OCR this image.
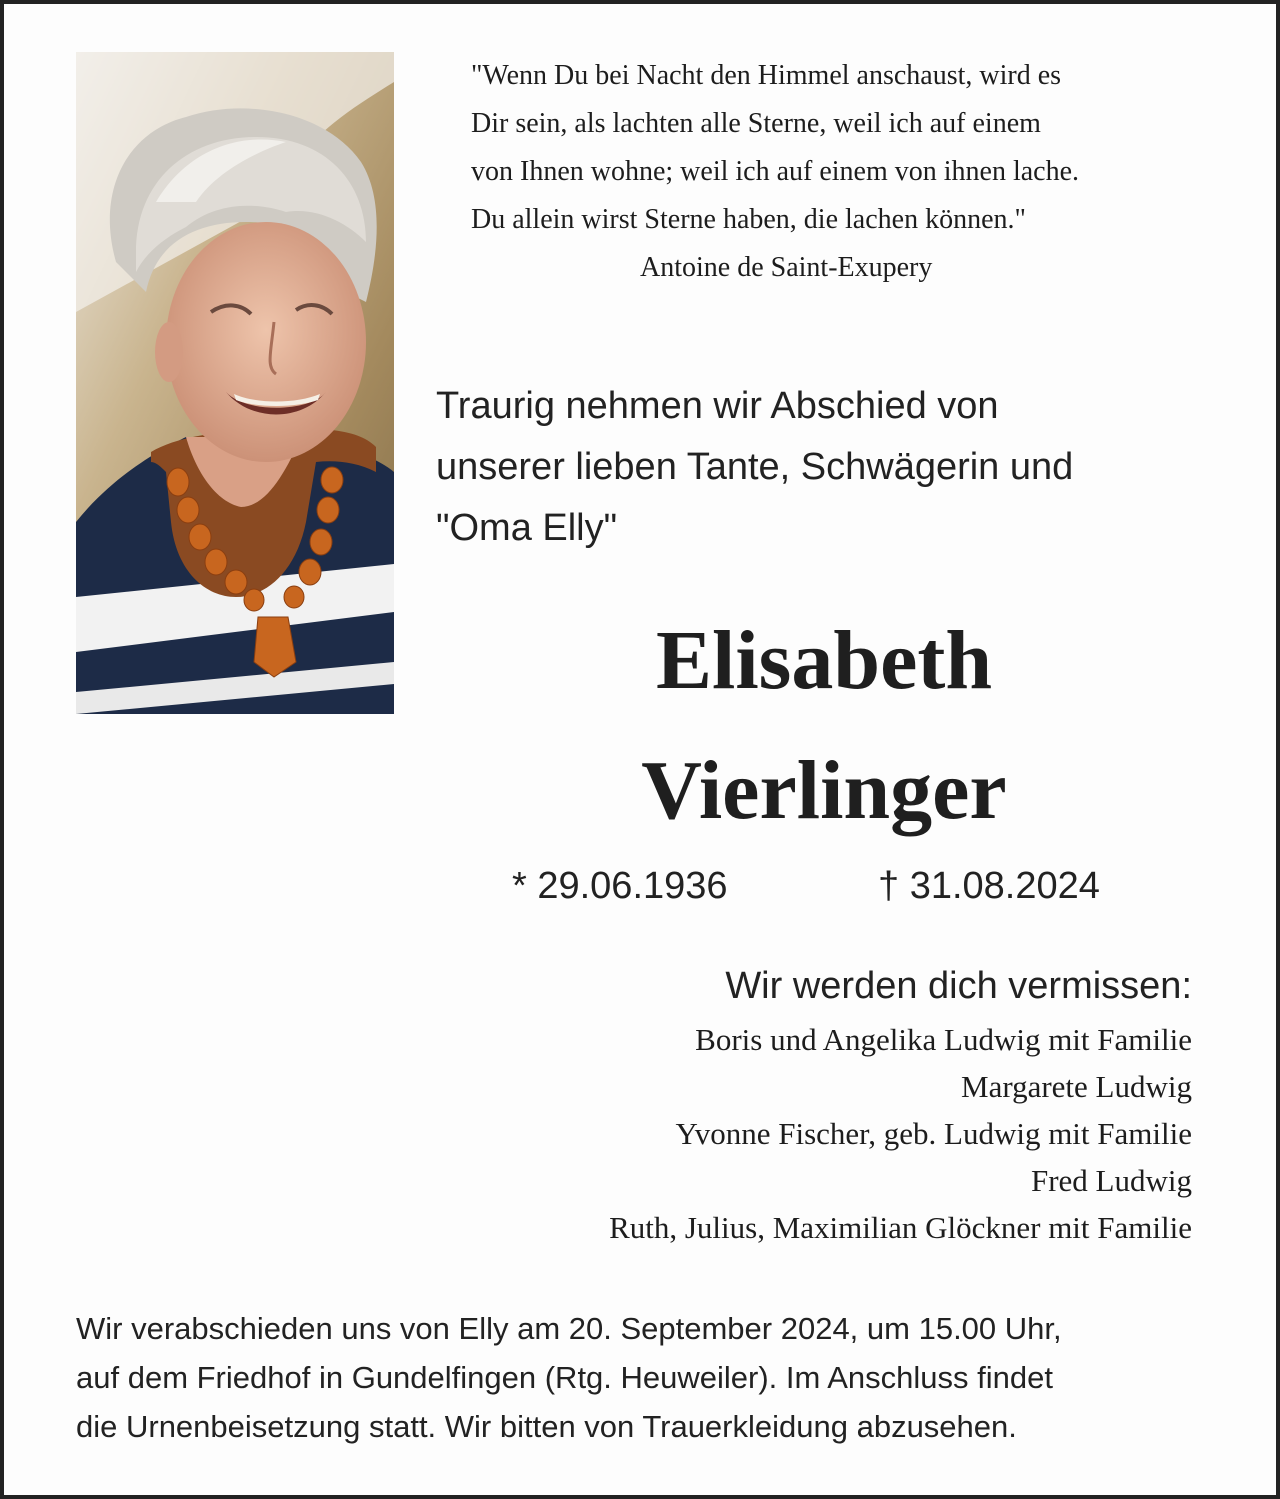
"Wenn Du bei Nacht den Himmel anschaust, wird es
Dir sein, als lachten alle Sterne, weil ich auf einem
von Ihnen wohne; weil ich auf einem von ihnen lache.
Du allein wirst Sterne haben, die lachen können."
Antoine de Saint-Exupery
Traurig nehmen wir Abschied von
unserer lieben Tante, Schwägerin und
"Oma Elly"
Elisabeth
Vierlinger
* 29.06.1936	† 31.08.2024
Wir werden dich vermissen:
Boris und Angelika Ludwig mit Familie
Margarete Ludwig
Yvonne Fischer, geb. Ludwig mit Familie
Fred Ludwig
Ruth, Julius, Maximilian Glöckner mit Familie
Wir verabschieden uns von Elly am 20. September 2024, um 15.00 Uhr,
auf dem Friedhof in Gundelfingen (Rtg. Heuweiler). Im Anschluss findet
die Urnenbeisetzung statt. Wir bitten von Trauerkleidung abzusehen.
